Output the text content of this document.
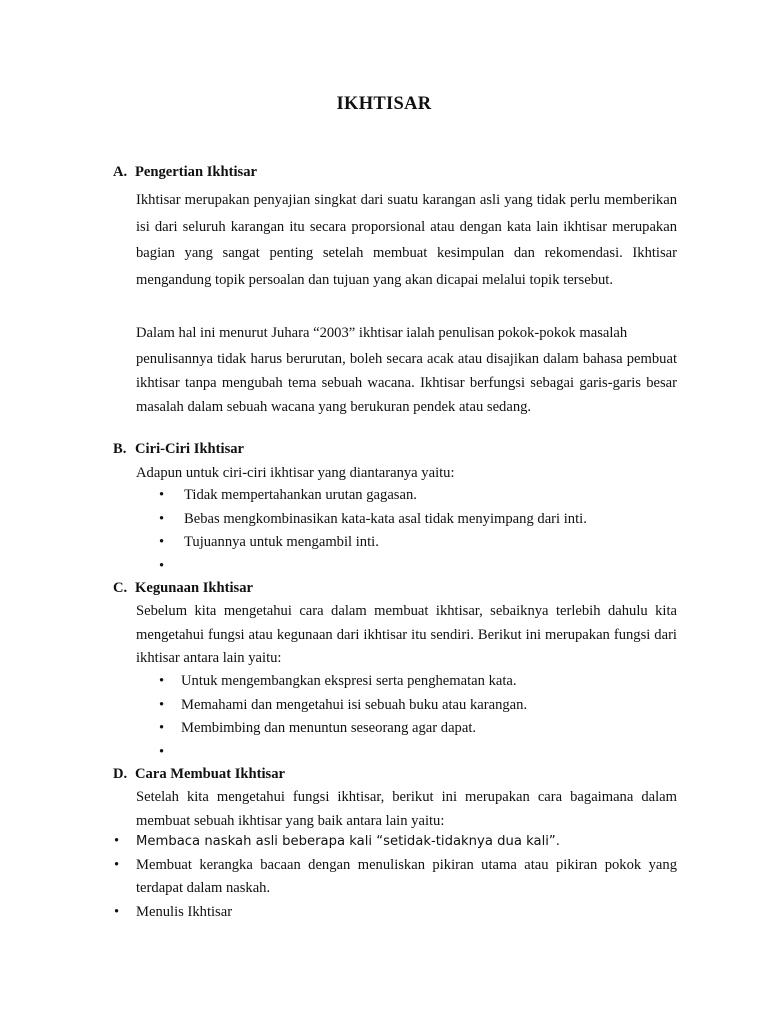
IKHTISAR
A. Pengertian Ikhtisar
Ikhtisar merupakan penyajian singkat dari suatu karangan asli yang tidak perlu memberikan isi dari seluruh karangan itu secara proporsional atau dengan kata lain ikhtisar merupakan bagian yang sangat penting setelah membuat kesimpulan dan rekomendasi. Ikhtisar mengandung topik persoalan dan tujuan yang akan dicapai melalui topik tersebut.
Dalam hal ini menurut Juhara “2003” ikhtisar ialah penulisan pokok-pokok masalah
penulisannya tidak harus berurutan, boleh secara acak atau disajikan dalam bahasa pembuat ikhtisar tanpa mengubah tema sebuah wacana. Ikhtisar berfungsi sebagai garis-garis besar masalah dalam sebuah wacana yang berukuran pendek atau sedang.
B. Ciri-Ciri Ikhtisar
Adapun untuk ciri-ciri ikhtisar yang diantaranya yaitu:
• Tidak mempertahankan urutan gagasan.
• Bebas mengkombinasikan kata-kata asal tidak menyimpang dari inti.
• Tujuannya untuk mengambil inti.
•
C. Kegunaan Ikhtisar
Sebelum kita mengetahui cara dalam membuat ikhtisar, sebaiknya terlebih dahulu kita mengetahui fungsi atau kegunaan dari ikhtisar itu sendiri. Berikut ini merupakan fungsi dari ikhtisar antara lain yaitu:
• Untuk mengembangkan ekspresi serta penghematan kata.
• Memahami dan mengetahui isi sebuah buku atau karangan.
• Membimbing dan menuntun seseorang agar dapat.
•
D. Cara Membuat Ikhtisar
Setelah kita mengetahui fungsi ikhtisar, berikut ini merupakan cara bagaimana dalam membuat sebuah ikhtisar yang baik antara lain yaitu:
• Membaca naskah asli beberapa kali “setidak-tidaknya dua kali”.
• Membuat kerangka bacaan dengan menuliskan pikiran utama atau pikiran pokok yang terdapat dalam naskah.
• Menulis Ikhtisar
